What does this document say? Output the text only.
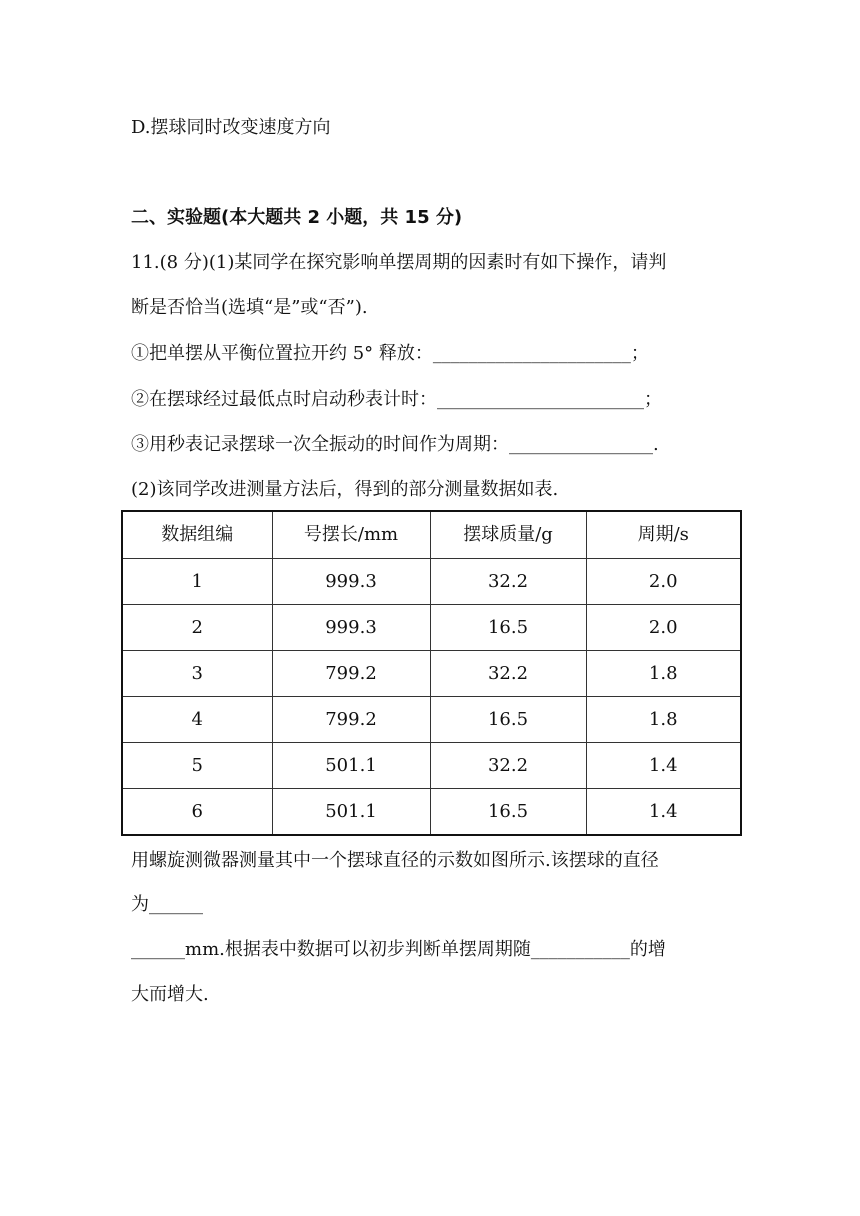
D.摆球同时改变速度方向
二、实验题(本大题共 2 小题，共 15 分)
11.(8 分)(1)某同学在探究影响单摆周期的因素时有如下操作，请判
断是否恰当(选填“是”或“否”).
①把单摆从平衡位置拉开约 5° 释放：______________________；
②在摆球经过最低点时启动秒表计时：_______________________；
③用秒表记录摆球一次全振动的时间作为周期：________________.
(2)该同学改进测量方法后，得到的部分测量数据如表.
数据组编	号摆长/mm	摆球质量/g	周期/s
1	999.3	32.2	2.0
2	999.3	16.5	2.0
3	799.2	32.2	1.8
4	799.2	16.5	1.8
5	501.1	32.2	1.4
6	501.1	16.5	1.4
用螺旋测微器测量其中一个摆球直径的示数如图所示.该摆球的直径
为______
______mm.根据表中数据可以初步判断单摆周期随___________的增
大而增大.
